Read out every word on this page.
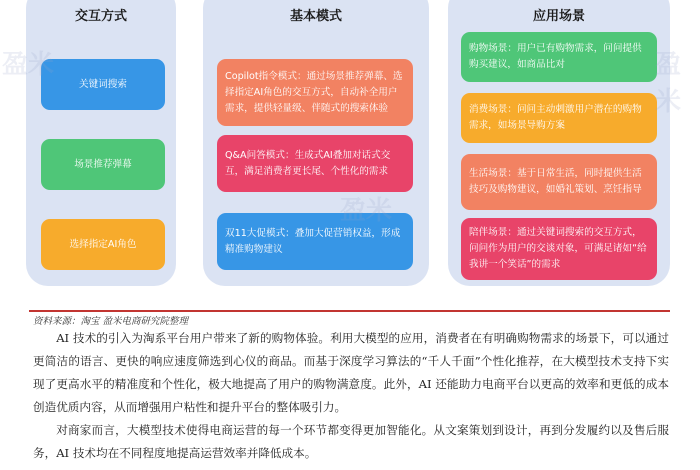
交互方式
关键词搜索
场景推荐弹幕
选择指定AI角色
基本模式
Copilot指令模式：通过场景推荐弹幕、选择指定AI角色的交互方式，自动补全用户需求，提供轻量级、伴随式的搜索体验
Q&A问答模式：生成式AI叠加对话式交互，满足消费者更长尾、个性化的需求
双11大促模式：叠加大促营销权益，形成精准购物建议
应用场景
购物场景：用户已有购物需求，问问提供购买建议，如商品比对
消费场景：问问主动刺激用户潜在的购物需求，如场景导购方案
生活场景：基于日常生活，同时提供生活技巧及购物建议，如婚礼策划、烹饪指导
陪伴场景：通过关键词搜索的交互方式，问问作为用户的交谈对象，可满足诸如“给我讲一个笑话”的需求
盈米
盈米
盈米
资料来源：淘宝 盈米电商研究院整理

AI 技术的引入为淘系平台用户带来了新的购物体验。利用大模型的应用，消费者在有明确购物需求的场景下，可以通过更简洁的语言、更快的响应速度筛选到心仪的商品。而基于深度学习算法的“千人千面”个性化推荐，在大模型技术支持下实现了更高水平的精准度和个性化，极大地提高了用户的购物满意度。此外，AI 还能助力电商平台以更高的效率和更低的成本创造优质内容，从而增强用户粘性和提升平台的整体吸引力。

对商家而言，大模型技术使得电商运营的每一个环节都变得更加智能化。从文案策划到设计，再到分发履约以及售后服务，AI 技术均在不同程度地提高运营效率并降低成本。
